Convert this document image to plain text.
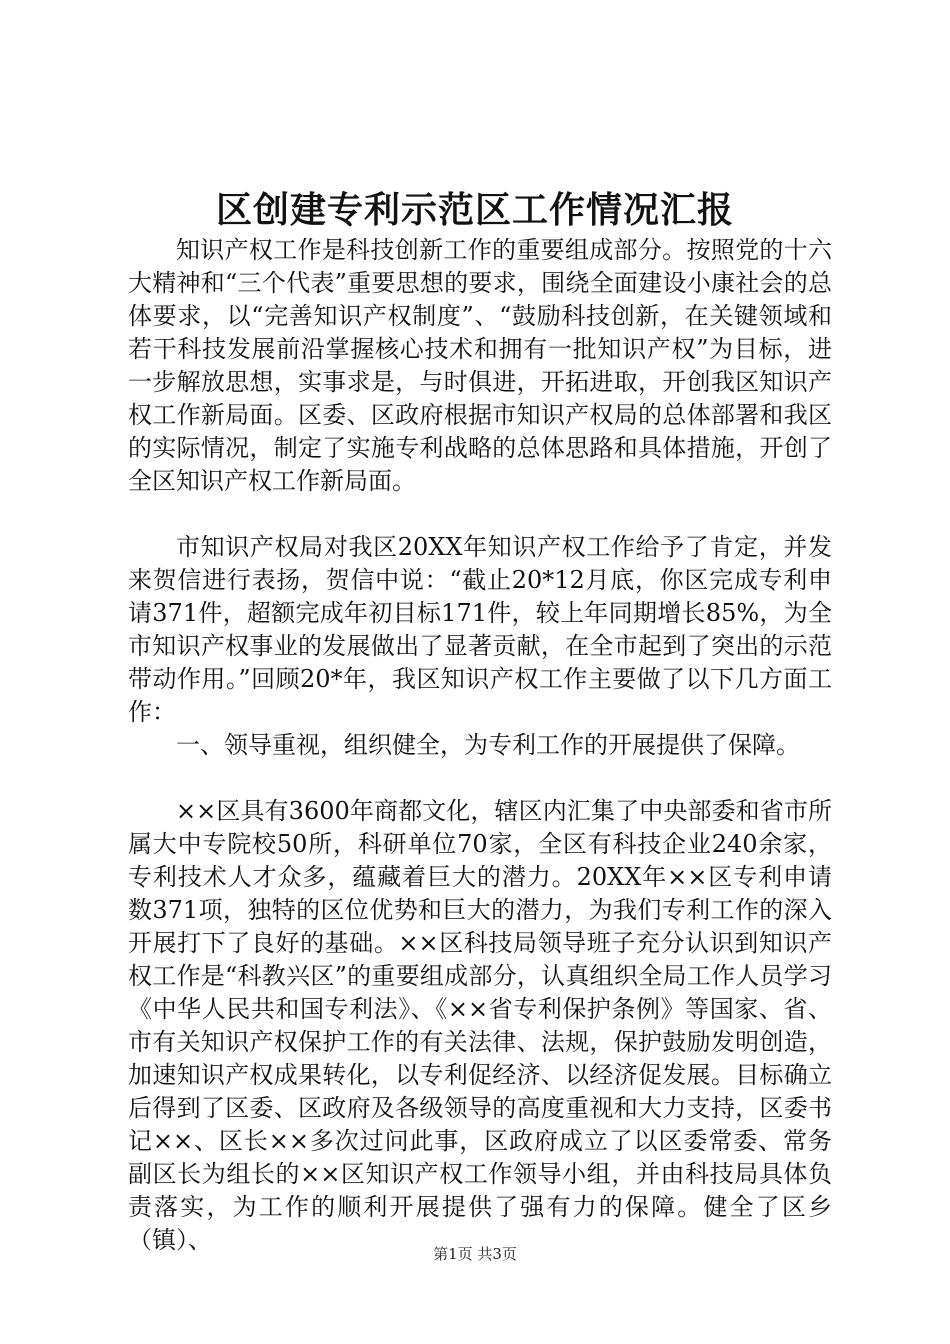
区创建专利示范区工作情况汇报

知识产权工作是科技创新工作的重要组成部分。按照党的十六大精神和“三个代表”重要思想的要求，围绕全面建设小康社会的总体要求，以“完善知识产权制度”、“鼓励科技创新，在关键领域和若干科技发展前沿掌握核心技术和拥有一批知识产权”为目标，进一步解放思想，实事求是，与时俱进，开拓进取，开创我区知识产权工作新局面。区委、区政府根据市知识产权局的总体部署和我区的实际情况，制定了实施专利战略的总体思路和具体措施，开创了全区知识产权工作新局面。

市知识产权局对我区20XX年知识产权工作给予了肯定，并发来贺信进行表扬，贺信中说：“截止20*12月底，你区完成专利申请371件，超额完成年初目标171件，较上年同期增长85%，为全市知识产权事业的发展做出了显著贡献，在全市起到了突出的示范带动作用。”回顾20*年，我区知识产权工作主要做了以下几方面工作：

一、领导重视，组织健全，为专利工作的开展提供了保障。

××区具有3600年商都文化，辖区内汇集了中央部委和省市所属大中专院校50所，科研单位70家，全区有科技企业240余家，专利技术人才众多，蕴藏着巨大的潜力。20XX年××区专利申请数371项，独特的区位优势和巨大的潜力，为我们专利工作的深入开展打下了良好的基础。××区科技局领导班子充分认识到知识产权工作是“科教兴区”的重要组成部分，认真组织全局工作人员学习《中华人民共和国专利法》、《××省专利保护条例》等国家、省、市有关知识产权保护工作的有关法律、法规，保护鼓励发明创造，加速知识产权成果转化，以专利促经济、以经济促发展。目标确立后得到了区委、区政府及各级领导的高度重视和大力支持，区委书记××、区长××多次过问此事，区政府成立了以区委常委、常务副区长为组长的××区知识产权工作领导小组，并由科技局具体负责落实，为工作的顺利开展提供了强有力的保障。健全了区乡（镇）、	第1页 共3页
